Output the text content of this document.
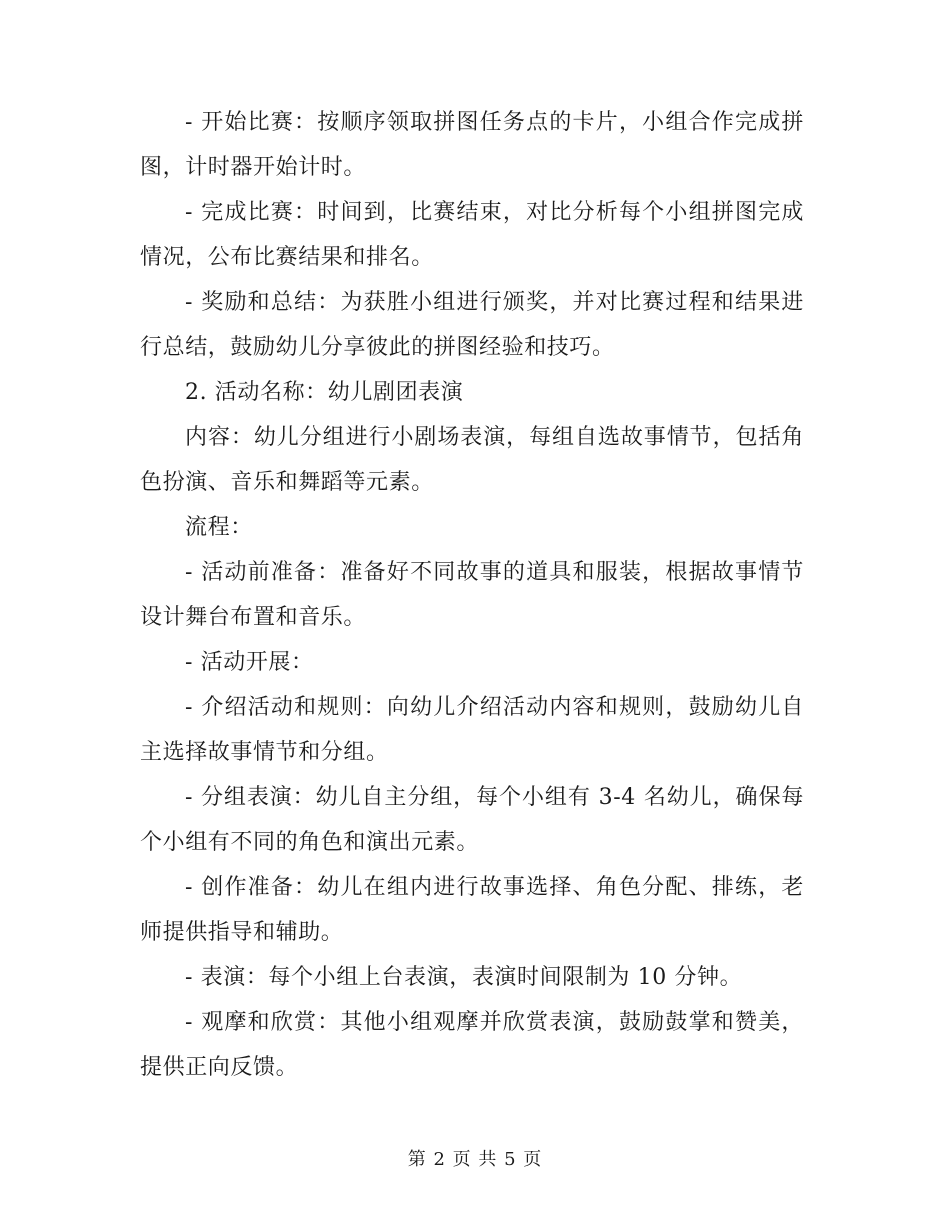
- 开始比赛：按顺序领取拼图任务点的卡片，小组合作完成拼图，计时器开始计时。

- 完成比赛：时间到，比赛结束，对比分析每个小组拼图完成情况，公布比赛结果和排名。

- 奖励和总结：为获胜小组进行颁奖，并对比赛过程和结果进行总结，鼓励幼儿分享彼此的拼图经验和技巧。

2. 活动名称：幼儿剧团表演

内容：幼儿分组进行小剧场表演，每组自选故事情节，包括角色扮演、音乐和舞蹈等元素。

流程：

- 活动前准备：准备好不同故事的道具和服装，根据故事情节设计舞台布置和音乐。

- 活动开展：

- 介绍活动和规则：向幼儿介绍活动内容和规则，鼓励幼儿自主选择故事情节和分组。

- 分组表演：幼儿自主分组，每个小组有 3-4 名幼儿，确保每个小组有不同的角色和演出元素。

- 创作准备：幼儿在组内进行故事选择、角色分配、排练，老师提供指导和辅助。

- 表演：每个小组上台表演，表演时间限制为 10 分钟。

- 观摩和欣赏：其他小组观摩并欣赏表演，鼓励鼓掌和赞美，提供正向反馈。

第 2 页 共 5 页
